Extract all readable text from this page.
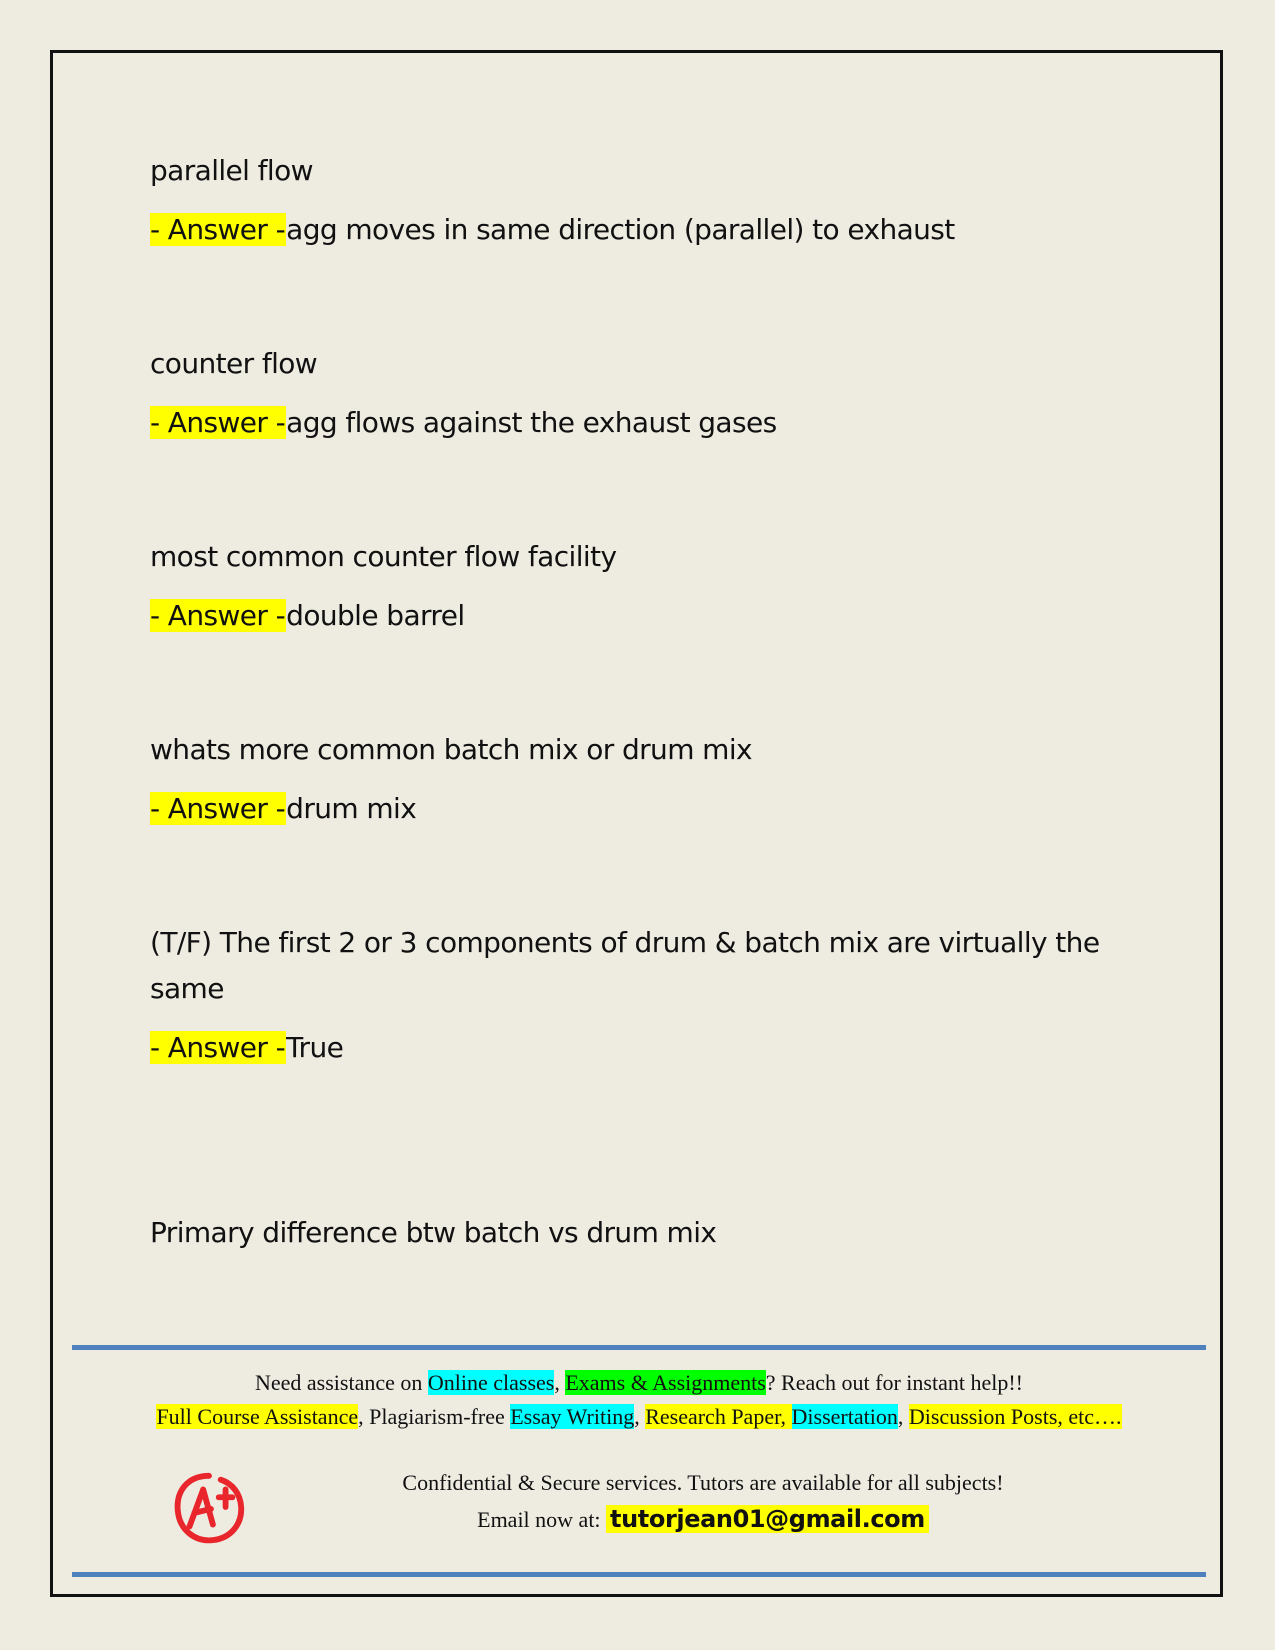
parallel flow

- Answer -agg moves in same direction (parallel) to exhaust

counter flow

- Answer -agg flows against the exhaust gases

most common counter flow facility

- Answer -double barrel

whats more common batch mix or drum mix

- Answer -drum mix

(T/F) The first 2 or 3 components of drum & batch mix are virtually the same

- Answer -True

Primary difference btw batch vs drum mix

Need assistance on Online classes, Exams & Assignments? Reach out for instant help!!
Full Course Assistance, Plagiarism-free Essay Writing, Research Paper, Dissertation, Discussion Posts, etc….
Confidential & Secure services. Tutors are available for all subjects!
Email now at: tutorjean01@gmail.com
